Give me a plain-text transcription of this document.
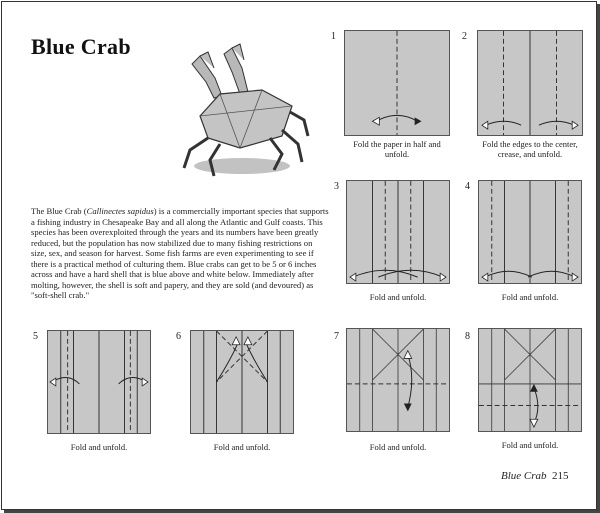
Blue Crab
The Blue Crab (Callinectes sapidus) is a commercially important species that supports a fishing industry in Chesapeake Bay and all along the Atlantic and Gulf coasts. This species has been overexploited through the years and its numbers have been greatly reduced, but the population has now stabilized due to many fishing restrictions on size, sex, and season for harvest. Some fish farms are even experimenting to see if there is a practical method of culturing them. Blue crabs can get to be 5 or 6 inches across and have a hard shell that is blue above and white below. Immediately after molting, however, the shell is soft and papery, and they are sold (and devoured) as "soft-shell crab."
1
Fold the paper in half and unfold.
2
Fold the edges to the center, crease, and unfold.
3
Fold and unfold.
4
Fold and unfold.
5
Fold and unfold.
6
Fold and unfold.
7
Fold and unfold.
8
Fold and unfold.
Blue Crab 215
